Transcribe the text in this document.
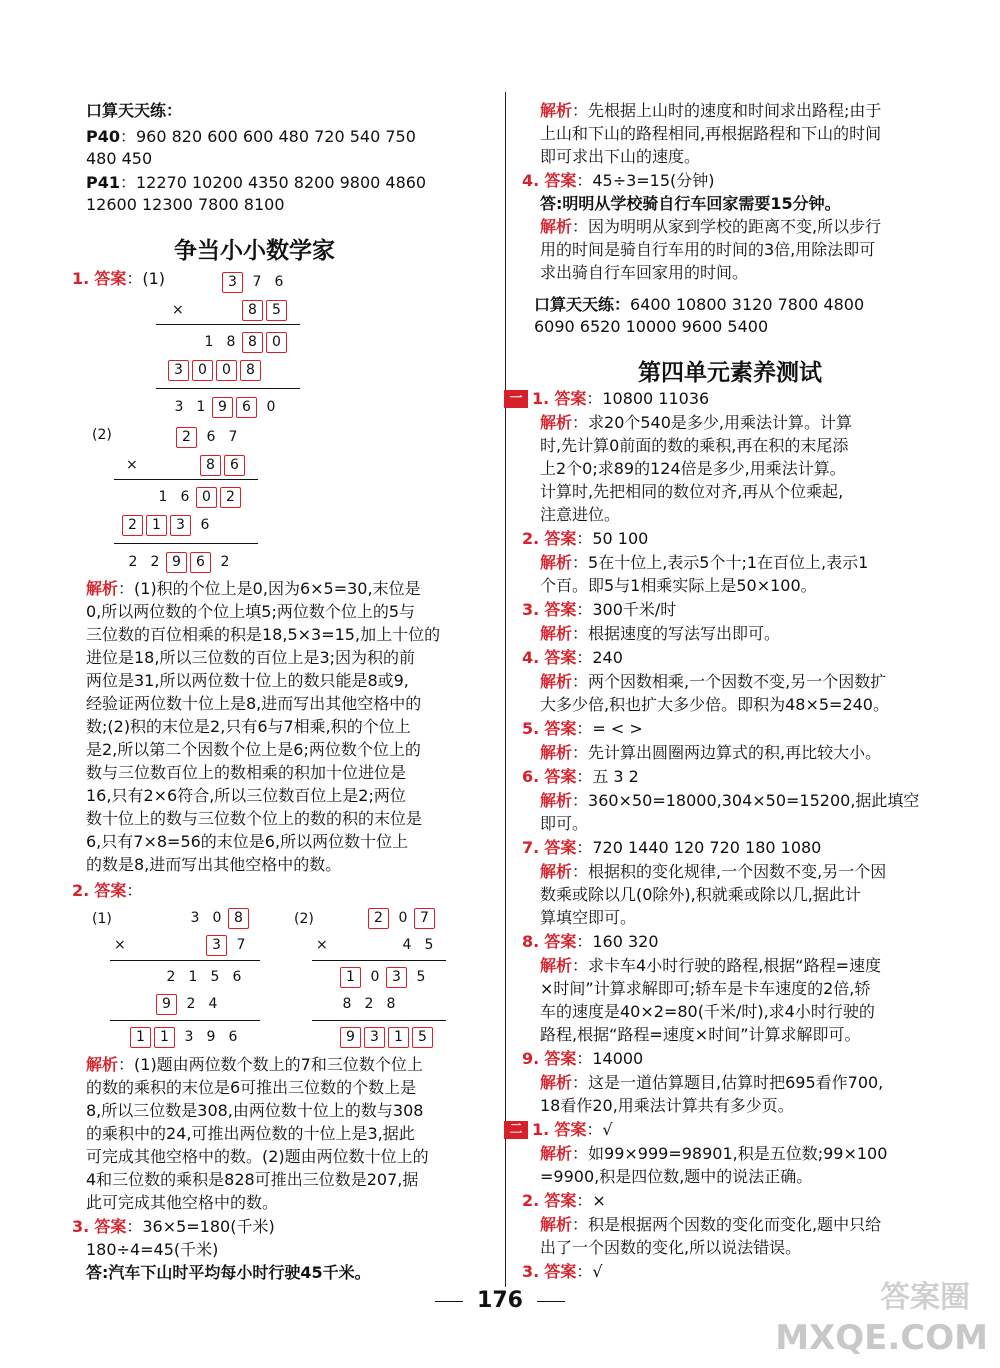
口算天天练：
P40：960 820 600 600 480 720 540 750
480 450
P41：12270 10200 4350 8200 9800 4860
12600 12300 7800 8100
争当小小数学家
1. 答案：(1)	3 7 6
×	8 5
1 8 8 0
3 0 0 8
3 1 9 6 0
(2)	2 6 7
×	8 6
1 6 0 2
2 1 3 6
2 2 9 6 2
解析：(1)积的个位上是0,因为6×5=30,末位是
0,所以两位数的个位上填5;两位数个位上的5与
三位数的百位相乘的积是18,5×3=15,加上十位的
进位是18,所以三位数的百位上是3;因为积的前
两位是31,所以两位数十位上的数只能是8或9,
经验证两位数十位上是8,进而写出其他空格中的
数;(2)积的末位是2,只有6与7相乘,积的个位上
是2,所以第二个因数个位上是6;两位数个位上的
数与三位数百位上的数相乘的积加十位进位是
16,只有2×6符合,所以三位数百位上是2;两位
数十位上的数与三位数个位上的数的积的末位是
6,只有7×8=56的末位是6,所以两位数十位上
的数是8,进而写出其他空格中的数。
2. 答案：
(1)	3 0 8
×	3 7
2 1 5 6
9 2 4
1 1 3 9 6
(2)	2 0 7
×	4 5
1 0 3 5
8 2 8
9 3 1 5
解析：(1)题由两位数个数上的7和三位数个位上
的数的乘积的末位是6可推出三位数的个数上是
8,所以三位数是308,由两位数十位上的数与308
的乘积中的24,可推出两位数的十位上是3,据此
可完成其他空格中的数。(2)题由两位数十位上的
4和三位数的乘积是828可推出三位数是207,据
此可完成其他空格中的数。
3. 答案：36×5=180(千米)
180÷4=45(千米)
答:汽车下山时平均每小时行驶45千米。
解析：先根据上山时的速度和时间求出路程;由于
上山和下山的路程相同,再根据路程和下山的时间
即可求出下山的速度。
4. 答案：45÷3=15(分钟)
答:明明从学校骑自行车回家需要15分钟。
解析：因为明明从家到学校的距离不变,所以步行
用的时间是骑自行车用的时间的3倍,用除法即可
求出骑自行车回家用的时间。
口算天天练：6400 10800 3120 7800 4800
6090 6520 10000 9600 5400
第四单元素养测试
一 1. 答案：10800 11036
解析：求20个540是多少,用乘法计算。计算
时,先计算0前面的数的乘积,再在积的末尾添
上2个0;求89的124倍是多少,用乘法计算。
计算时,先把相同的数位对齐,再从个位乘起,
注意进位。
2. 答案：50 100
解析：5在十位上,表示5个十;1在百位上,表示1
个百。即5与1相乘实际上是50×100。
3. 答案：300千米/时
解析：根据速度的写法写出即可。
4. 答案：240
解析：两个因数相乘,一个因数不变,另一个因数扩
大多少倍,积也扩大多少倍。即积为48×5=240。
5. 答案：= < >
解析：先计算出圆圈两边算式的积,再比较大小。
6. 答案：五 3 2
解析：360×50=18000,304×50=15200,据此填空
即可。
7. 答案：720 1440 120 720 180 1080
解析：根据积的变化规律,一个因数不变,另一个因
数乘或除以几(0除外),积就乘或除以几,据此计
算填空即可。
8. 答案：160 320
解析：求卡车4小时行驶的路程,根据“路程=速度
×时间”计算求解即可;轿车是卡车速度的2倍,轿
车的速度是40×2=80(千米/时),求4小时行驶的
路程,根据“路程=速度×时间”计算求解即可。
9. 答案：14000
解析：这是一道估算题目,估算时把695看作700,
18看作20,用乘法计算共有多少页。
二 1. 答案：√
解析：如99×999=98901,积是五位数;99×100
=9900,积是四位数,题中的说法正确。
2. 答案：×
解析：积是根据两个因数的变化而变化,题中只给
出了一个因数的变化,所以说法错误。
3. 答案：√
176	答案圈
MXQE.COM
